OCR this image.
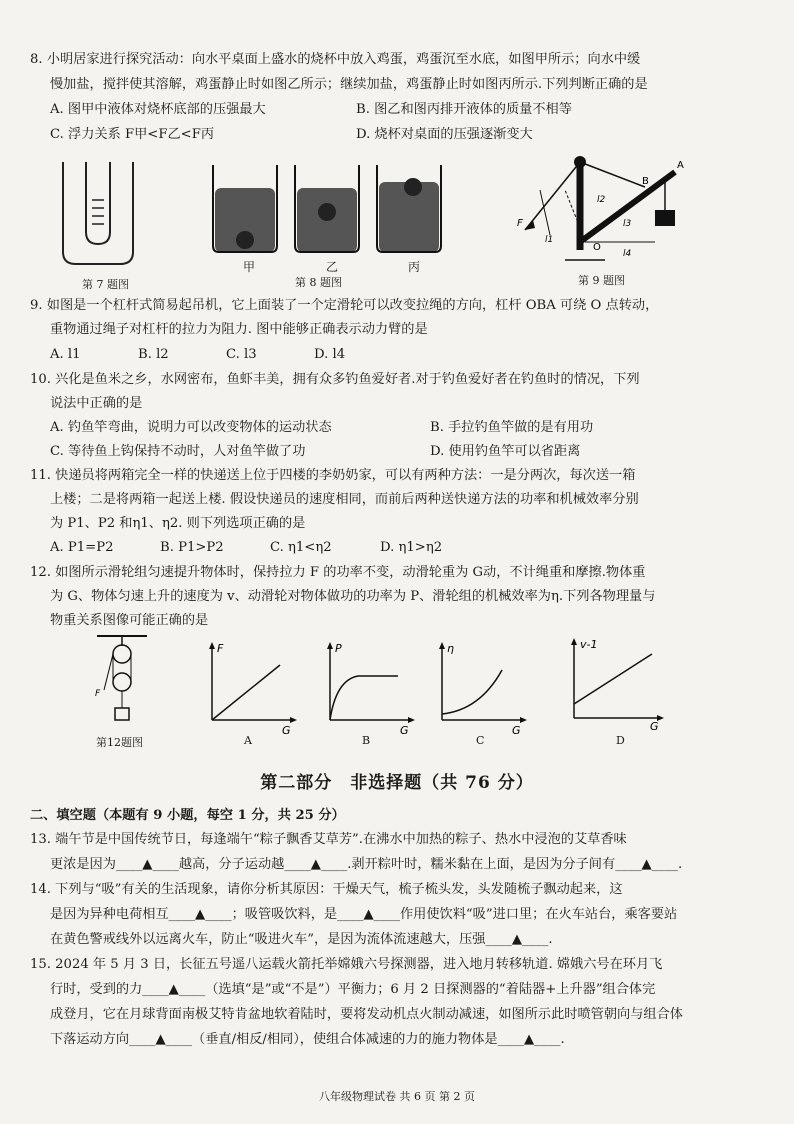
8. 小明居家进行探究活动：向水平桌面上盛水的烧杯中放入鸡蛋，鸡蛋沉至水底，如图甲所示；向水中缓
慢加盐，搅拌使其溶解，鸡蛋静止时如图乙所示；继续加盐，鸡蛋静止时如图丙所示.下列判断正确的是
A. 图甲中液体对烧杯底部的压强最大	B. 图乙和图丙排开液体的质量不相等
C. 浮力关系 F甲<F乙<F丙	D. 烧杯对桌面的压强逐渐变大
第 7 题图
甲	乙	丙
第 8 题图
A
B
F
O
l1
l2
l3
l4
第 9 题图
9. 如图是一个杠杆式简易起吊机，它上面装了一个定滑轮可以改变拉绳的方向，杠杆 OBA 可绕 O 点转动，
重物通过绳子对杠杆的拉力为阻力. 图中能够正确表示动力臂的是
A. l1	B. l2	C. l3	D. l4
10. 兴化是鱼米之乡，水网密布，鱼虾丰美，拥有众多钓鱼爱好者.对于钓鱼爱好者在钓鱼时的情况，下列
说法中正确的是
A. 钓鱼竿弯曲，说明力可以改变物体的运动状态	B. 手拉钓鱼竿做的是有用功
C. 等待鱼上钩保持不动时，人对鱼竿做了功	D. 使用钓鱼竿可以省距离
11. 快递员将两箱完全一样的快递送上位于四楼的李奶奶家，可以有两种方法：一是分两次，每次送一箱
上楼；二是将两箱一起送上楼. 假设快递员的速度相同，而前后两种送快递方法的功率和机械效率分别
为 P1、P2 和η1、η2. 则下列选项正确的是
A. P1=P2	B. P1>P2	C. η1<η2	D. η1>η2
12. 如图所示滑轮组匀速提升物体时，保持拉力 F 的功率不变，动滑轮重为 G动，不计绳重和摩擦.物体重
为 G、物体匀速上升的速度为 v、动滑轮对物体做功的功率为 P、滑轮组的机械效率为η.下列各物理量与
物重关系图像可能正确的是
F
第12题图
F
G
A
P
G
B
η
G
C
v-1
G
D
第二部分　非选择题（共 76 分）
二、填空题（本题有 9 小题，每空 1 分，共 25 分）
13. 端午节是中国传统节日，每逢端午“粽子飘香艾草芳”.在沸水中加热的粽子、热水中浸泡的艾草香味
更浓是因为____▲____越高，分子运动越____▲____.剥开粽叶时，糯米黏在上面，是因为分子间有____▲____.
14. 下列与“吸”有关的生活现象，请你分析其原因：干燥天气，梳子梳头发，头发随梳子飘动起来，这
是因为异种电荷相互____▲____；吸管吸饮料，是____▲____作用使饮料“吸”进口里；在火车站台，乘客要站
在黄色警戒线外以远离火车，防止“吸进火车”，是因为流体流速越大，压强____▲____.
15. 2024 年 5 月 3 日，长征五号遥八运载火箭托举嫦娥六号探测器，进入地月转移轨道. 嫦娥六号在环月飞
行时，受到的力____▲____（选填“是”或“不是”）平衡力；6 月 2 日探测器的“着陆器+上升器”组合体完
成登月，它在月球背面南极艾特肯盆地软着陆时，要将发动机点火制动减速，如图所示此时喷管朝向与组合体
下落运动方向____▲____（垂直/相反/相同），使组合体减速的力的施力物体是____▲____.
八年级物理试卷 共 6 页 第 2 页
